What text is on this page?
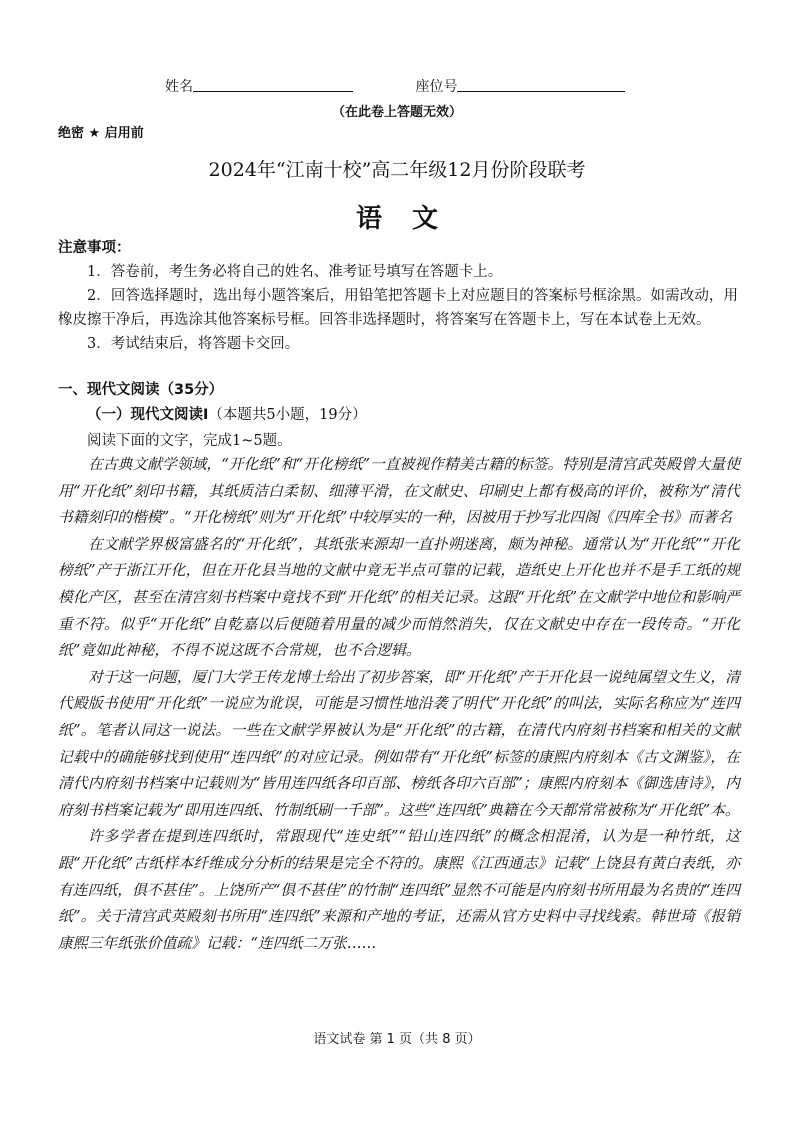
姓名	座位号
（在此卷上答题无效）
绝密 ★ 启用前
2024年“江南十校”高二年级12月份阶段联考
语文
注意事项：

1．答卷前，考生务必将自己的姓名、准考证号填写在答题卡上。

2．回答选择题时，选出每小题答案后，用铅笔把答题卡上对应题目的答案标号框涂黑。如需改动，用橡皮擦干净后，再选涂其他答案标号框。回答非选择题时，将答案写在答题卡上，写在本试卷上无效。

3．考试结束后，将答题卡交回。

一、现代文阅读（35分）
（一）现代文阅读Ⅰ（本题共5小题，19分）
阅读下面的文字，完成1~5题。

在古典文献学领域，“开化纸”和“开化榜纸”一直被视作精美古籍的标签。特别是清宫武英殿曾大量使用“开化纸”刻印书籍，其纸质洁白柔韧、细薄平滑，在文献史、印刷史上都有极高的评价，被称为“清代书籍刻印的楷模”。“开化榜纸”则为“开化纸”中较厚实的一种，因被用于抄写北四阁《四库全书》而著名

在文献学界极富盛名的“开化纸”，其纸张来源却一直扑朔迷离，颇为神秘。通常认为“开化纸”“开化榜纸”产于浙江开化，但在开化县当地的文献中竟无半点可靠的记载，造纸史上开化也并不是手工纸的规模化产区，甚至在清宫刻书档案中竟找不到“开化纸”的相关记录。这跟“开化纸”在文献学中地位和影响严重不符。似乎“开化纸”自乾嘉以后便随着用量的减少而悄然消失，仅在文献史中存在一段传奇。“开化纸”竟如此神秘，不得不说这既不合常规，也不合逻辑。

对于这一问题，厦门大学王传龙博士给出了初步答案，即“开化纸”产于开化县一说纯属望文生义，清代殿版书使用“开化纸”一说应为讹误，可能是习惯性地沿袭了明代“开化纸”的叫法，实际名称应为“连四纸”。笔者认同这一说法。一些在文献学界被认为是“开化纸”的古籍，在清代内府刻书档案和相关的文献记载中的确能够找到使用“连四纸”的对应记录。例如带有“开化纸”标签的康熙内府刻本《古文渊鉴》，在清代内府刻书档案中记载则为“皆用连四纸各印百部、榜纸各印六百部”；康熙内府刻本《御选唐诗》，内府刻书档案记载为“即用连四纸、竹制纸刷一千部”。这些“连四纸”典籍在今天都常常被称为“开化纸”本。

许多学者在提到连四纸时，常跟现代“连史纸”“铅山连四纸”的概念相混淆，认为是一种竹纸，这跟“开化纸”古纸样本纤维成分分析的结果是完全不符的。康熙《江西通志》记载“上饶县有黄白表纸，亦有连四纸，俱不甚佳”。上饶所产“俱不甚佳”的竹制“连四纸”显然不可能是内府刻书所用最为名贵的“连四纸”。关于清宫武英殿刻书所用“连四纸”来源和产地的考证，还需从官方史料中寻找线索。韩世琦《报销康熙三年纸张价值疏》记载：“连四纸二万张……

语文试卷 第 1 页（共 8 页）
